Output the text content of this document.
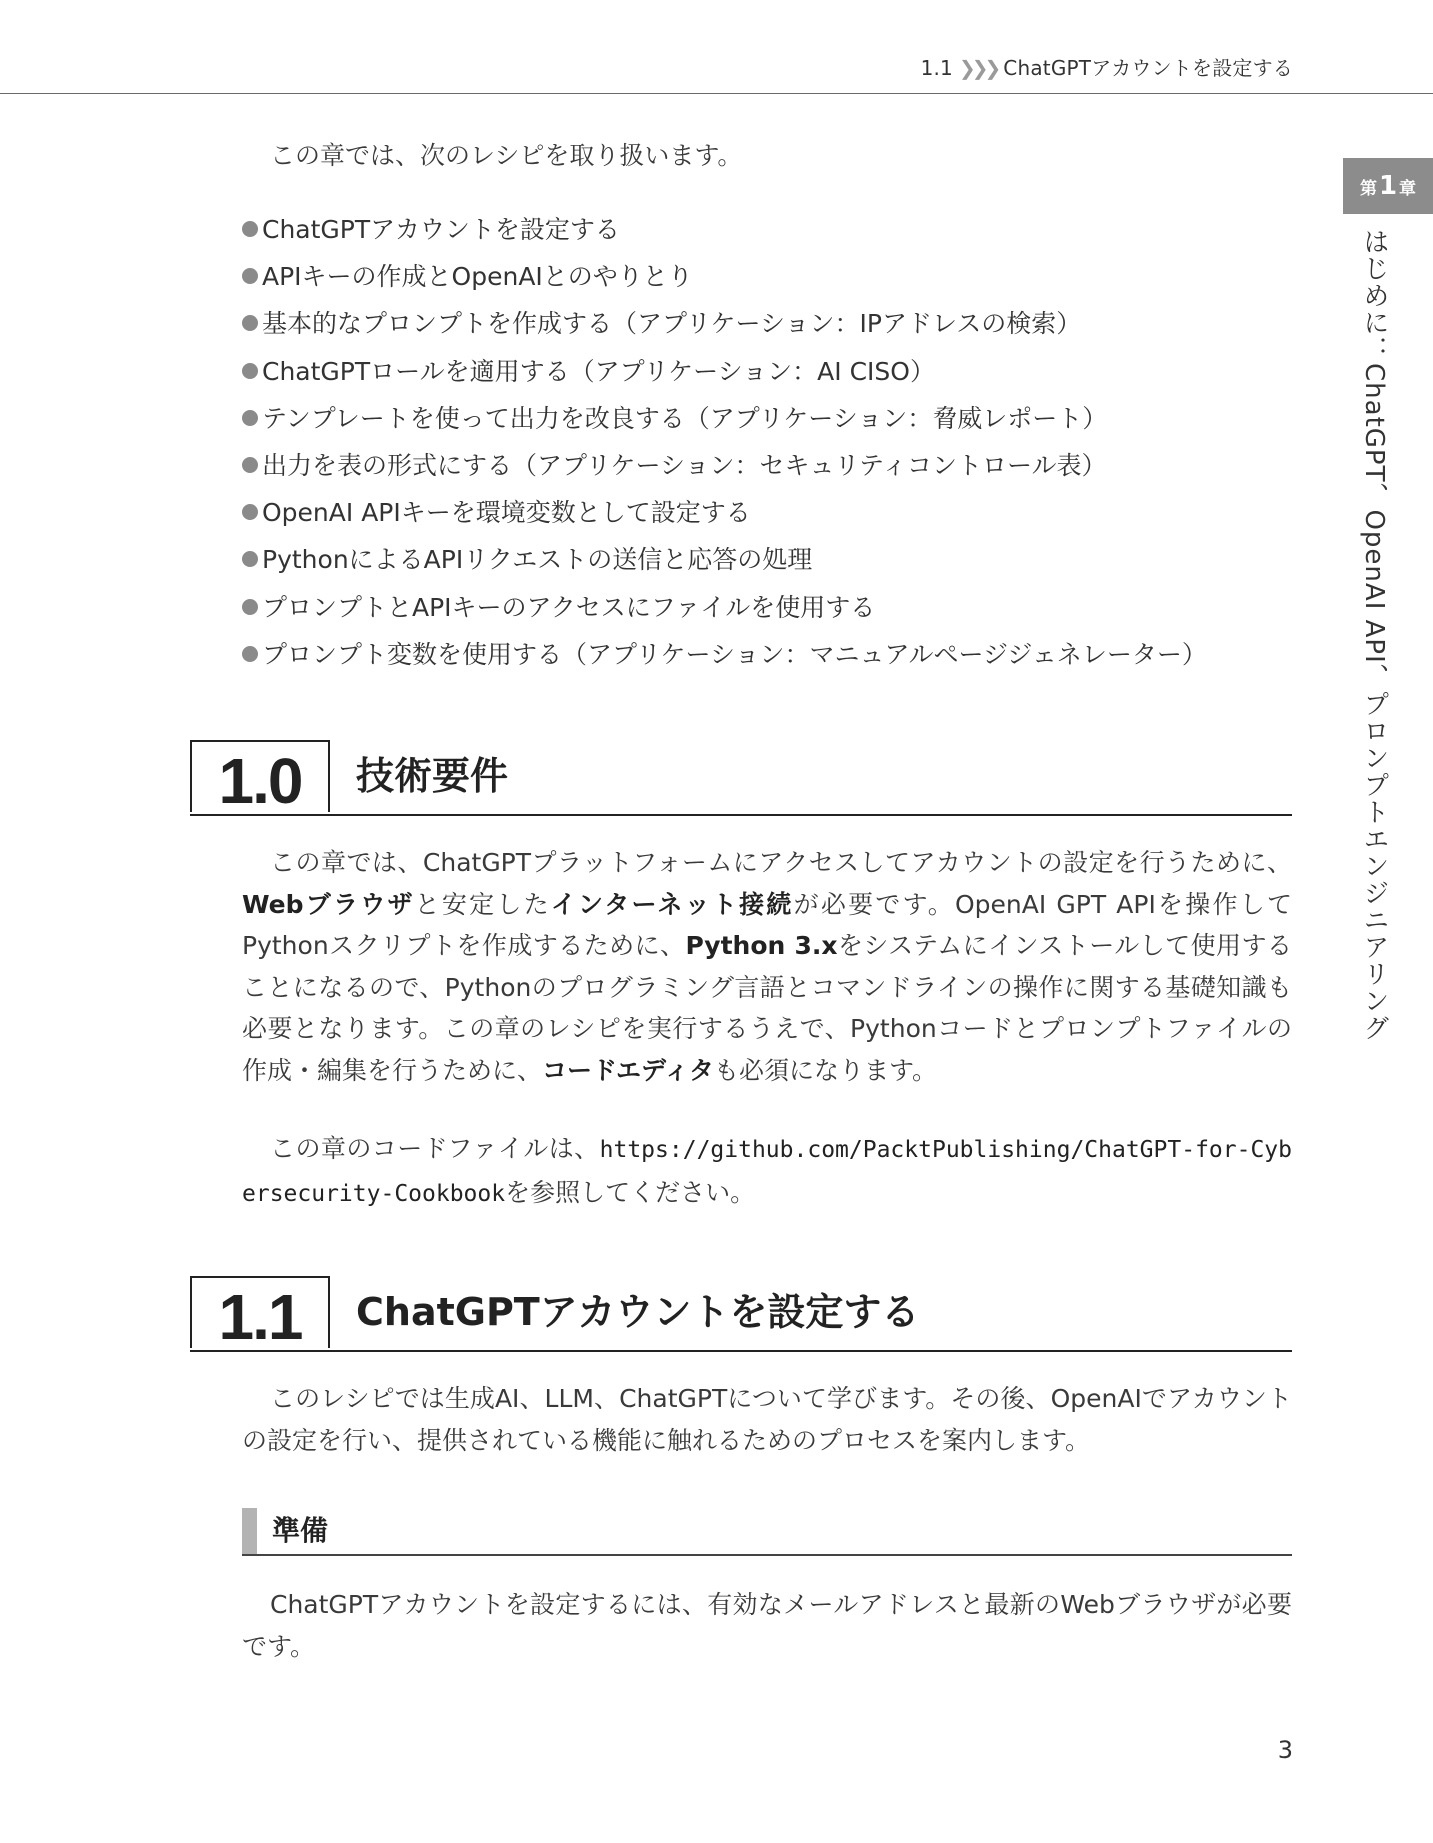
1.1 ❯❯❯ ChatGPTアカウントを設定する
第 1 章
はじめに：ChatGPT、OpenAI API、プロンプトエンジニアリング

この章では、次のレシピを取り扱います。

ChatGPTアカウントを設定する
APIキーの作成とOpenAIとのやりとり
基本的なプロンプトを作成する（アプリケーション：IPアドレスの検索）
ChatGPTロールを適用する（アプリケーション：AI CISO）
テンプレートを使って出力を改良する（アプリケーション：脅威レポート）
出力を表の形式にする（アプリケーション：セキュリティコントロール表）
OpenAI APIキーを環境変数として設定する
PythonによるAPIリクエストの送信と応答の処理
プロンプトとAPIキーのアクセスにファイルを使用する
プロンプト変数を使用する（アプリケーション：マニュアルページジェネレーター）
1.0	技術要件

この章では、ChatGPTプラットフォームにアクセスしてアカウントの設定を行うために、Webブラウザと安定したインターネット接続が必要です。OpenAI GPT APIを操作してPythonスクリプトを作成するために、Python 3.xをシステムにインストールして使用することになるので、Pythonのプログラミング言語とコマンドラインの操作に関する基礎知識も必要となります。この章のレシピを実行するうえで、Pythonコードとプロンプトファイルの作成・編集を行うために、コードエディタも必須になります。

この章のコードファイルは、https://github.com/PacktPublishing/ChatGPT-for-Cybersecurity-Cookbookを参照してください。

1.1	ChatGPTアカウントを設定する

このレシピでは生成AI、LLM、ChatGPTについて学びます。その後、OpenAIでアカウントの設定を行い、提供されている機能に触れるためのプロセスを案内します。

準備

ChatGPTアカウントを設定するには、有効なメールアドレスと最新のWebブラウザが必要です。

3
